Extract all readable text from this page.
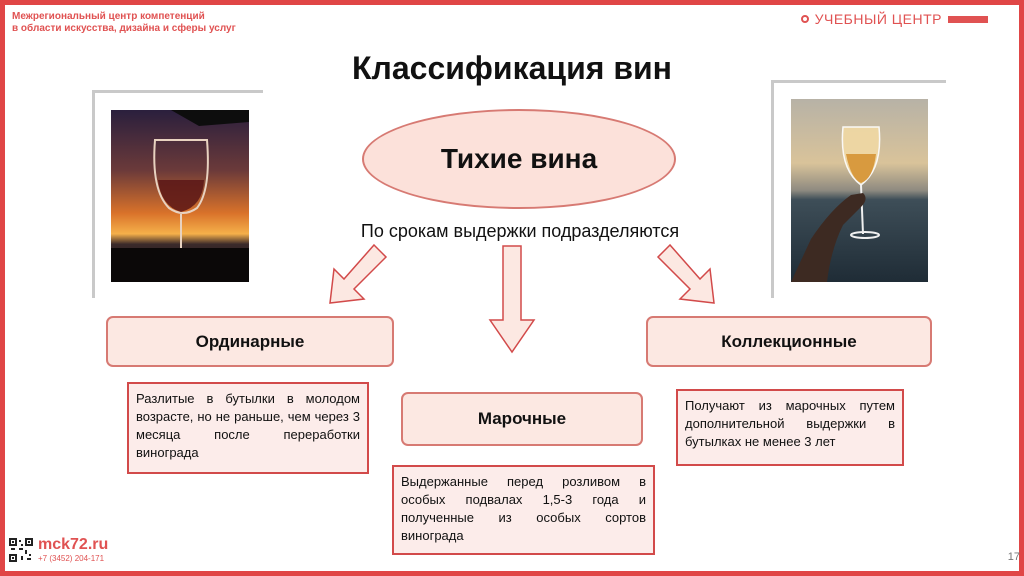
Межрегиональный центр компетенций
в области искусства, дизайна и сферы услуг
УЧЕБНЫЙ ЦЕНТР

Классификация вин
Тихие вина
По срокам выдержки подразделяются
Ординарные
Марочные
Коллекционные
Разлитые в бутылки в молодом возрасте, но не раньше, чем через 3 месяца после переработки винограда
Выдержанные перед розливом в особых подвалах 1,5-3 года и полученные из особых сортов винограда
Получают из марочных путем дополнительной выдержки в бутылках не менее 3 лет
mck72.ru
+7 (3452) 204-171	17
